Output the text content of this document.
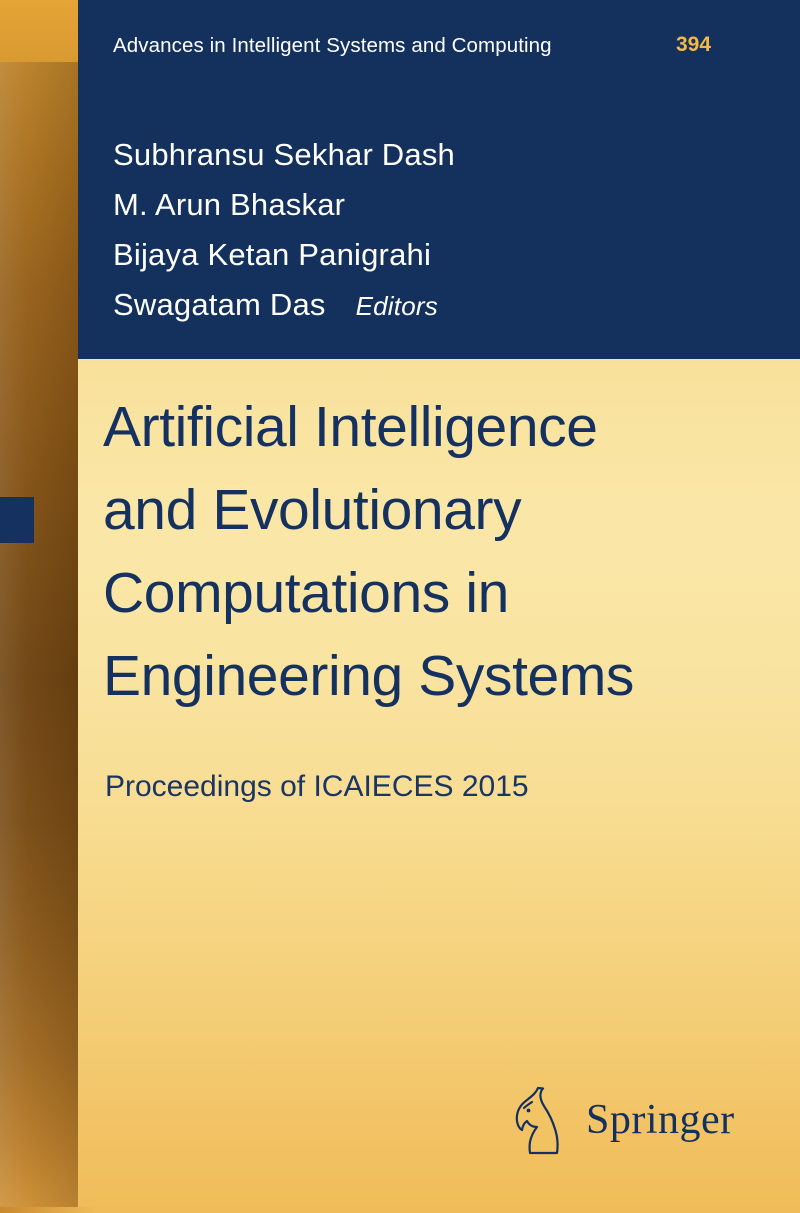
Advances in Intelligent Systems and Computing	394
Subhransu Sekhar Dash
M. Arun Bhaskar
Bijaya Ketan Panigrahi
Swagatam Das Editors
Artificial Intelligence
and Evolutionary
Computations in
Engineering Systems
Proceedings of ICAIECES 2015
Springer
